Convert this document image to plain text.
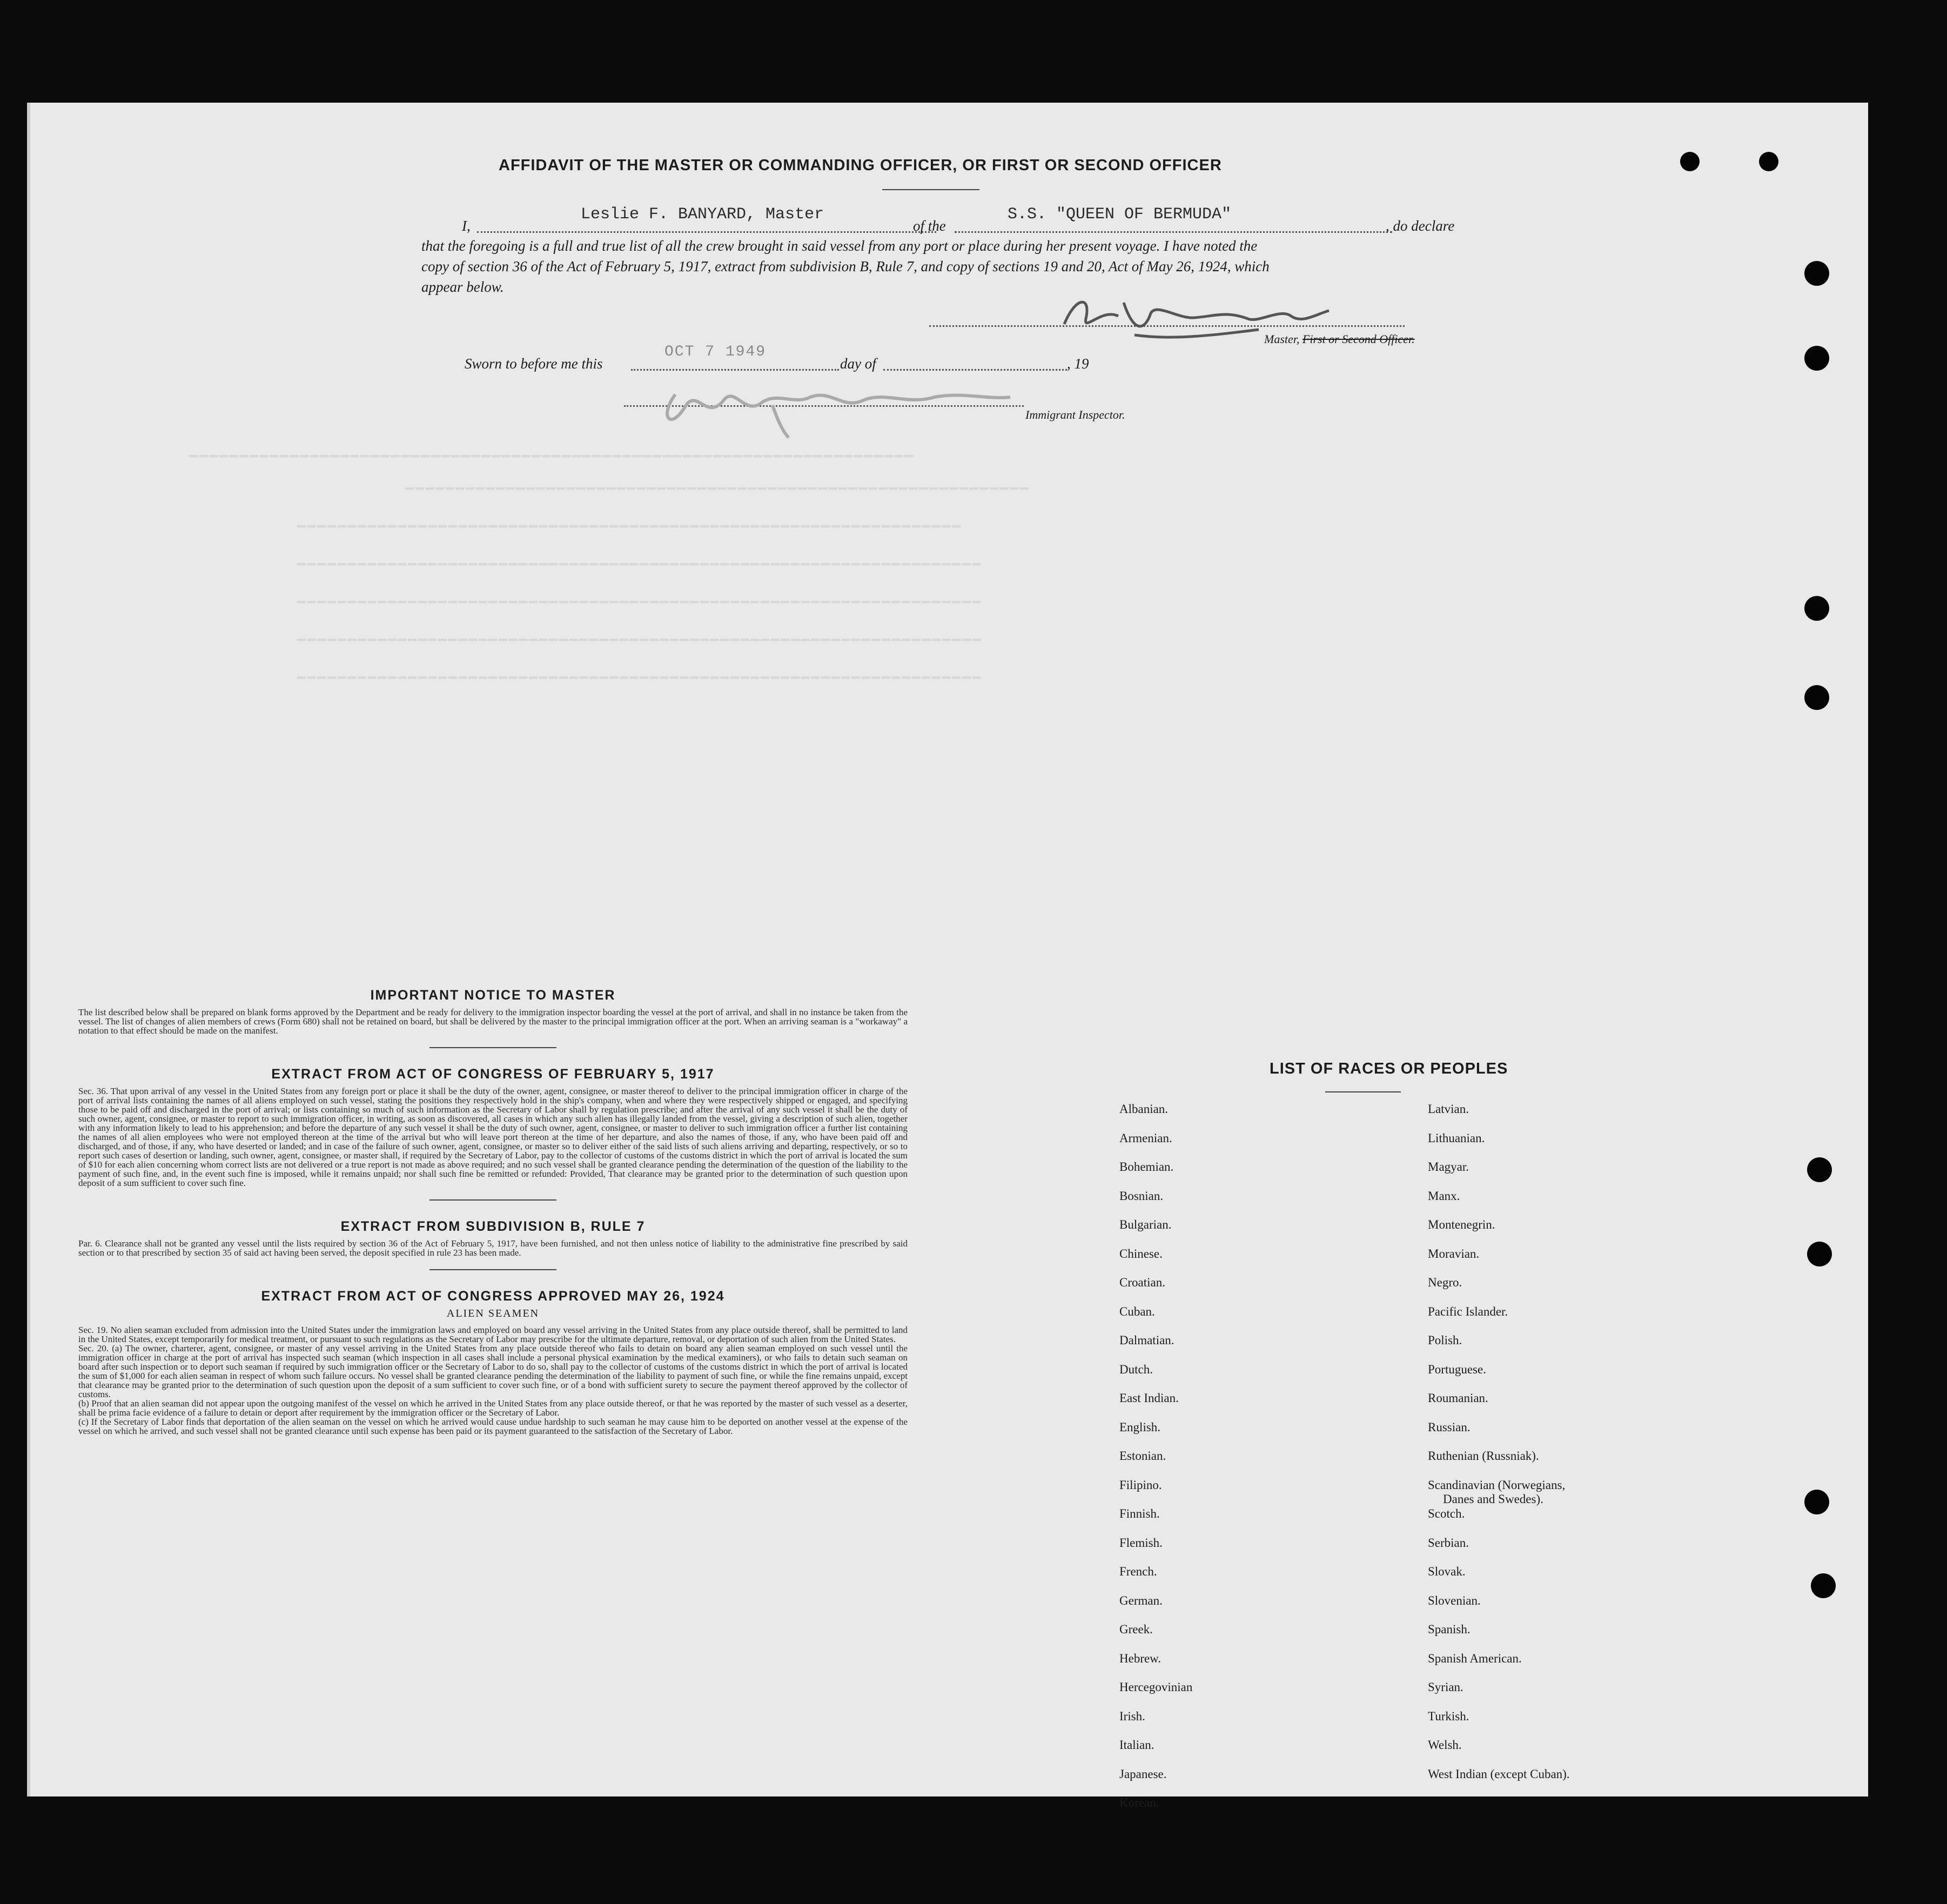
AFFIDAVIT OF THE MASTER OR COMMANDING OFFICER, OR FIRST OR SECOND OFFICER
I,
Leslie F. BANYARD, Master
of the
S.S. "QUEEN OF BERMUDA"
, do declare
that the foregoing is a full and true list of all the crew brought in said vessel from any port or place during her present voyage. I have noted the
copy of section 36 of the Act of February 5, 1917, extract from subdivision B, Rule 7, and copy of sections 19 and 20, Act of May 26, 1924, which
appear below.
Master, First or Second Officer.
Sworn to before me this
OCT 7 1949
day of	, 19
Immigrant Inspector.
━━━━━━━━━━━━━━━━━━━━━━━━━━━━━━━━━━━━━━━━━━━━━━━━━━━━━━━━━━━━━━━━━━━━━━━━
━━━━━━━━━━━━━━━━━━━━━━━━━━━━━━━━━━━━━━━━━━━━━━━━━━━━━━━━━━━━━━
━━━━━━━━━━━━━━━━━━━━━━━━━━━━━━━━━━━━━━━━━━━━━━━━━━━━━━━━━━━━━━━━━━
━━━━━━━━━━━━━━━━━━━━━━━━━━━━━━━━━━━━━━━━━━━━━━━━━━━━━━━━━━━━━━━━━━━━
━━━━━━━━━━━━━━━━━━━━━━━━━━━━━━━━━━━━━━━━━━━━━━━━━━━━━━━━━━━━━━━━━━━━
━━━━━━━━━━━━━━━━━━━━━━━━━━━━━━━━━━━━━━━━━━━━━━━━━━━━━━━━━━━━━━━━━━━━
━━━━━━━━━━━━━━━━━━━━━━━━━━━━━━━━━━━━━━━━━━━━━━━━━━━━━━━━━━━━━━━━━━━━

IMPORTANT NOTICE TO MASTER

The list described below shall be prepared on blank forms approved by the Department and be ready for delivery to the immigration inspector boarding the vessel at the port of arrival, and shall in no instance be taken from the vessel. The list of changes of alien members of crews (Form 680) shall not be retained on board, but shall be delivered by the master to the principal immigration officer at the port. When an arriving seaman is a "workaway" a notation to that effect should be made on the manifest.

EXTRACT FROM ACT OF CONGRESS OF FEBRUARY 5, 1917

Sec. 36. That upon arrival of any vessel in the United States from any foreign port or place it shall be the duty of the owner, agent, consignee, or master thereof to deliver to the principal immigration officer in charge of the port of arrival lists containing the names of all aliens employed on such vessel, stating the positions they respectively hold in the ship's company, when and where they were respectively shipped or engaged, and specifying those to be paid off and discharged in the port of arrival; or lists containing so much of such information as the Secretary of Labor shall by regulation prescribe; and after the arrival of any such vessel it shall be the duty of such owner, agent, consignee, or master to report to such immigration officer, in writing, as soon as discovered, all cases in which any such alien has illegally landed from the vessel, giving a description of such alien, together with any information likely to lead to his apprehension; and before the departure of any such vessel it shall be the duty of such owner, agent, consignee, or master to deliver to such immigration officer a further list containing the names of all alien employees who were not employed thereon at the time of the arrival but who will leave port thereon at the time of her departure, and also the names of those, if any, who have been paid off and discharged, and of those, if any, who have deserted or landed; and in case of the failure of such owner, agent, consignee, or master so to deliver either of the said lists of such aliens arriving and departing, respectively, or so to report such cases of desertion or landing, such owner, agent, consignee, or master shall, if required by the Secretary of Labor, pay to the collector of customs of the customs district in which the port of arrival is located the sum of $10 for each alien concerning whom correct lists are not delivered or a true report is not made as above required; and no such vessel shall be granted clearance pending the determination of the question of the liability to the payment of such fine, and, in the event such fine is imposed, while it remains unpaid; nor shall such fine be remitted or refunded: Provided, That clearance may be granted prior to the determination of such question upon deposit of a sum sufficient to cover such fine.

EXTRACT FROM SUBDIVISION B, RULE 7

Par. 6. Clearance shall not be granted any vessel until the lists required by section 36 of the Act of February 5, 1917, have been furnished, and not then unless notice of liability to the administrative fine prescribed by said section or to that prescribed by section 35 of said act having been served, the deposit specified in rule 23 has been made.

EXTRACT FROM ACT OF CONGRESS APPROVED MAY 26, 1924

ALIEN SEAMEN

Sec. 19. No alien seaman excluded from admission into the United States under the immigration laws and employed on board any vessel arriving in the United States from any place outside thereof, shall be permitted to land in the United States, except temporarily for medical treatment, or pursuant to such regulations as the Secretary of Labor may prescribe for the ultimate departure, removal, or deportation of such alien from the United States.

Sec. 20. (a) The owner, charterer, agent, consignee, or master of any vessel arriving in the United States from any place outside thereof who fails to detain on board any alien seaman employed on such vessel until the immigration officer in charge at the port of arrival has inspected such seaman (which inspection in all cases shall include a personal physical examination by the medical examiners), or who fails to detain such seaman on board after such inspection or to deport such seaman if required by such immigration officer or the Secretary of Labor to do so, shall pay to the collector of customs of the customs district in which the port of arrival is located the sum of $1,000 for each alien seaman in respect of whom such failure occurs. No vessel shall be granted clearance pending the determination of the liability to payment of such fine, or while the fine remains unpaid, except that clearance may be granted prior to the determination of such question upon the deposit of a sum sufficient to cover such fine, or of a bond with sufficient surety to secure the payment thereof approved by the collector of customs.

(b) Proof that an alien seaman did not appear upon the outgoing manifest of the vessel on which he arrived in the United States from any place outside thereof, or that he was reported by the master of such vessel as a deserter, shall be prima facie evidence of a failure to detain or deport after requirement by the immigration officer or the Secretary of Labor.

(c) If the Secretary of Labor finds that deportation of the alien seaman on the vessel on which he arrived would cause undue hardship to such seaman he may cause him to be deported on another vessel at the expense of the vessel on which he arrived, and such vessel shall not be granted clearance until such expense has been paid or its payment guaranteed to the satisfaction of the Secretary of Labor.

LIST OF RACES OR PEOPLES
Albanian.
Armenian.
Bohemian.
Bosnian.
Bulgarian.
Chinese.
Croatian.
Cuban.
Dalmatian.
Dutch.
East Indian.
English.
Estonian.
Filipino.
Finnish.
Flemish.
French.
German.
Greek.
Hebrew.
Hercegovinian
Irish.
Italian.
Japanese.
Korean.
Latvian.
Lithuanian.
Magyar.
Manx.
Montenegrin.
Moravian.
Negro.
Pacific Islander.
Polish.
Portuguese.
Roumanian.
Russian.
Ruthenian (Russniak).
Scandinavian (Norwegians,
Danes and Swedes).
Scotch.
Serbian.
Slovak.
Slovenian.
Spanish.
Spanish American.
Syrian.
Turkish.
Welsh.
West Indian (except Cuban).
